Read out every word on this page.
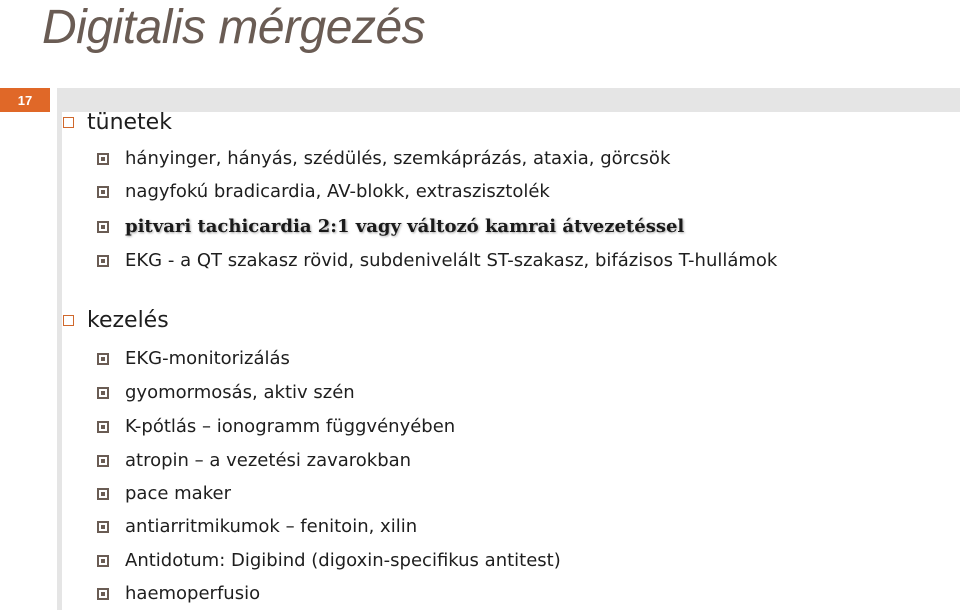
Digitalis mérgezés
17
tünetek
hányinger, hányás, szédülés, szemkáprázás, ataxia, görcsök
nagyfokú bradicardia, AV-blokk, extraszisztolék
pitvari tachicardia 2:1 vagy változó kamrai átvezetéssel
EKG - a QT szakasz rövid, subdenivelált ST-szakasz, bifázisos T-hullámok
kezelés
EKG-monitorizálás
gyomormosás, aktiv szén
K-pótlás – ionogramm függvényében
atropin – a vezetési zavarokban
pace maker
antiarritmikumok – fenitoin, xilin
Antidotum: Digibind (digoxin-specifikus antitest)
haemoperfusio
